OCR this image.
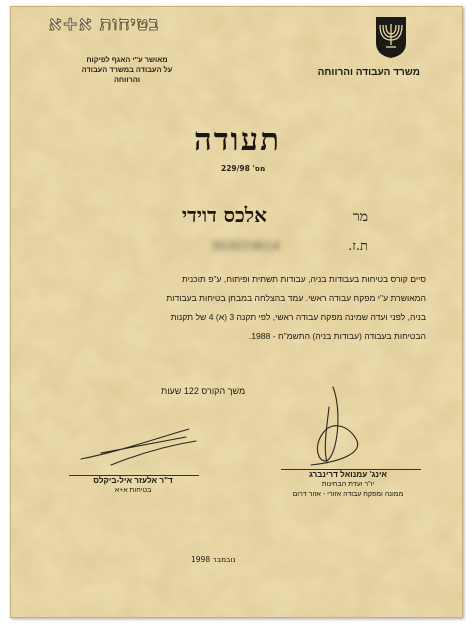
בטיחות א+א
מאושר ע"י האגף לפיקוח
על העבודה במשרד העבודה
והרווחה
משרד העבודה והרווחה
תעודה
מס' 229/98
מר
אלכס דוידי
ת.ז.
303033614
סיים קורס בטיחות בעבודות בניה, עבודות תשתית ופיתוח, ע"פ תוכנית
המאושרת ע"י מפקח עבודה ראשי. עמד בהצלחה במבחן בטיחות בעבודות
בניה, לפני ועדה שמינה מפקח עבודה ראשי, לפי תקנה 3 (א) 4 של תקנות
הבטיחות בעבודה (עבודות בניה) התשמ"ח - 1988.
משך הקורס 122 שעות
אינג' עמנואל דרינברג
יו"ר ועדת הבחינות
ממונה ומפקח עבודה אזורי - אזור דרום
ד"ר אלעזר איל-ביקלס
בטיחות א+א
נובמבר 1998
